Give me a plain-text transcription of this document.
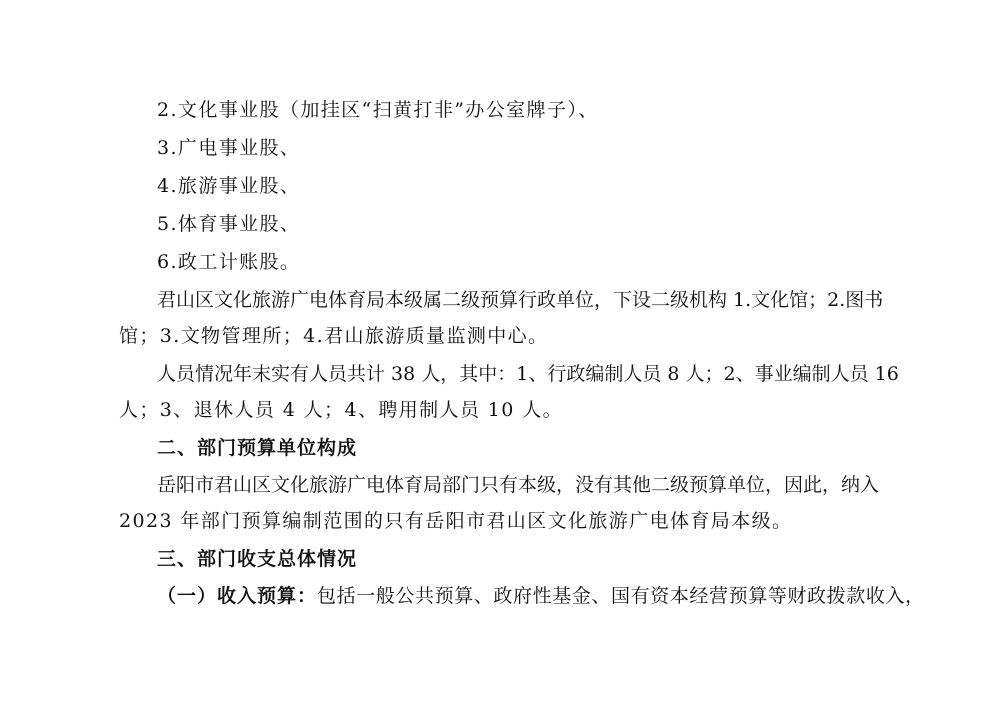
2.文化事业股（加挂区“扫黄打非”办公室牌子）、
3.广电事业股、
4.旅游事业股、
5.体育事业股、
6.政工计账股。
君山区文化旅游广电体育局本级属二级预算行政单位，下设二级机构 1.文化馆；2.图书
馆；3.文物管理所；4.君山旅游质量监测中心。
人员情况年末实有人员共计 38 人，其中：1、行政编制人员 8 人；2、事业编制人员 16
人；3、退休人员 4 人；4、聘用制人员 10 人。
二、部门预算单位构成
岳阳市君山区文化旅游广电体育局部门只有本级，没有其他二级预算单位，因此，纳入
2023 年部门预算编制范围的只有岳阳市君山区文化旅游广电体育局本级。
三、部门收支总体情况
（一）收入预算：包括一般公共预算、政府性基金、国有资本经营预算等财政拨款收入，
